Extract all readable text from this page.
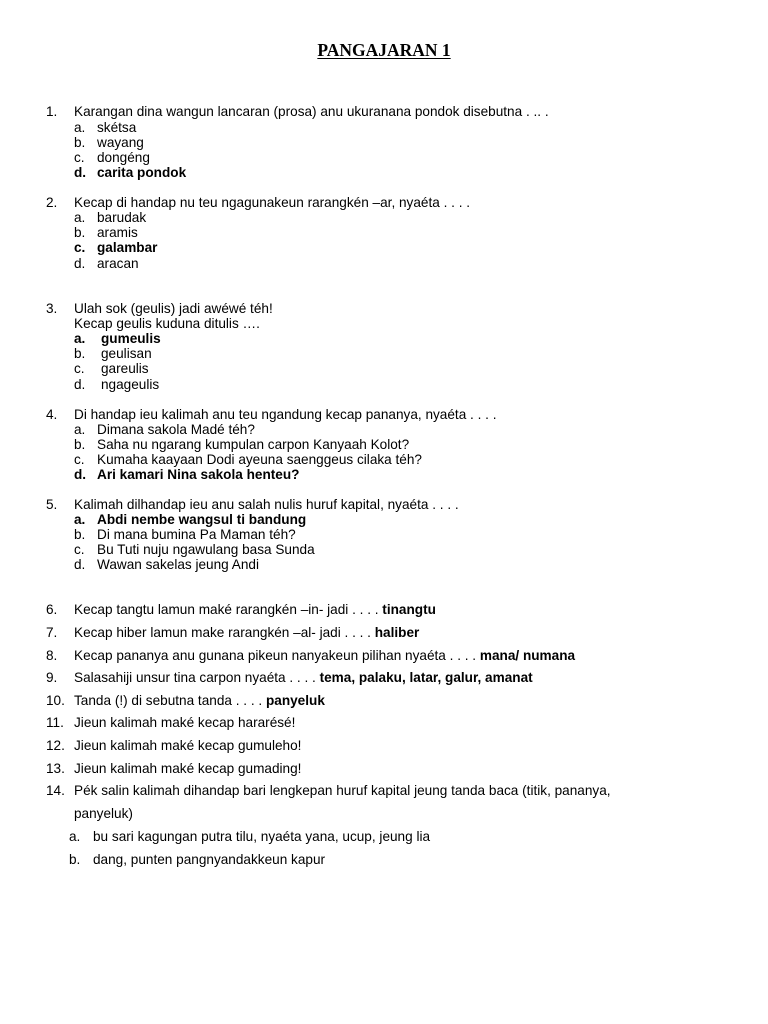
PANGAJARAN 1
1. Karangan dina wangun lancaran (prosa) anu ukuranana pondok disebutna . .. .
a. skétsa
b. wayang
c. dongéng
d. carita pondok
2. Kecap di handap nu teu ngagunakeun rarangkén –ar, nyaéta . . . .
a. barudak
b. aramis
c. galambar
d. aracan
3. Ulah sok (geulis) jadi awéwé téh!
Kecap geulis kuduna ditulis ….
a. gumeulis
b. geulisan
c. gareulis
d. ngageulis
4. Di handap ieu kalimah anu teu ngandung kecap pananya, nyaéta . . . .
a. Dimana sakola Madé téh?
b. Saha nu ngarang kumpulan carpon Kanyaah Kolot?
c. Kumaha kaayaan Dodi ayeuna saenggeus cilaka téh?
d. Ari kamari Nina sakola henteu?
5. Kalimah dilhandap ieu anu salah nulis huruf kapital, nyaéta . . . .
a. Abdi nembe wangsul ti bandung
b. Di mana bumina Pa Maman téh?
c. Bu Tuti nuju ngawulang basa Sunda
d. Wawan sakelas jeung Andi
6. Kecap tangtu lamun maké rarangkén –in- jadi . . . . tinangtu
7. Kecap hiber lamun make rarangkén –al- jadi . . . . haliber
8. Kecap pananya anu gunana pikeun nanyakeun pilihan nyaéta . . . . mana/ numana
9. Salasahiji unsur tina carpon nyaéta . . . . tema, palaku, latar, galur, amanat
10. Tanda (!) di sebutna tanda . . . . panyeluk
11. Jieun kalimah maké kecap hararésé!
12. Jieun kalimah maké kecap gumuleho!
13. Jieun kalimah maké kecap gumading!
14. Pék salin kalimah dihandap bari lengkepan huruf kapital jeung tanda baca (titik, pananya,
panyeluk)
a. bu sari kagungan putra tilu, nyaéta yana, ucup, jeung lia
b. dang, punten pangnyandakkeun kapur
